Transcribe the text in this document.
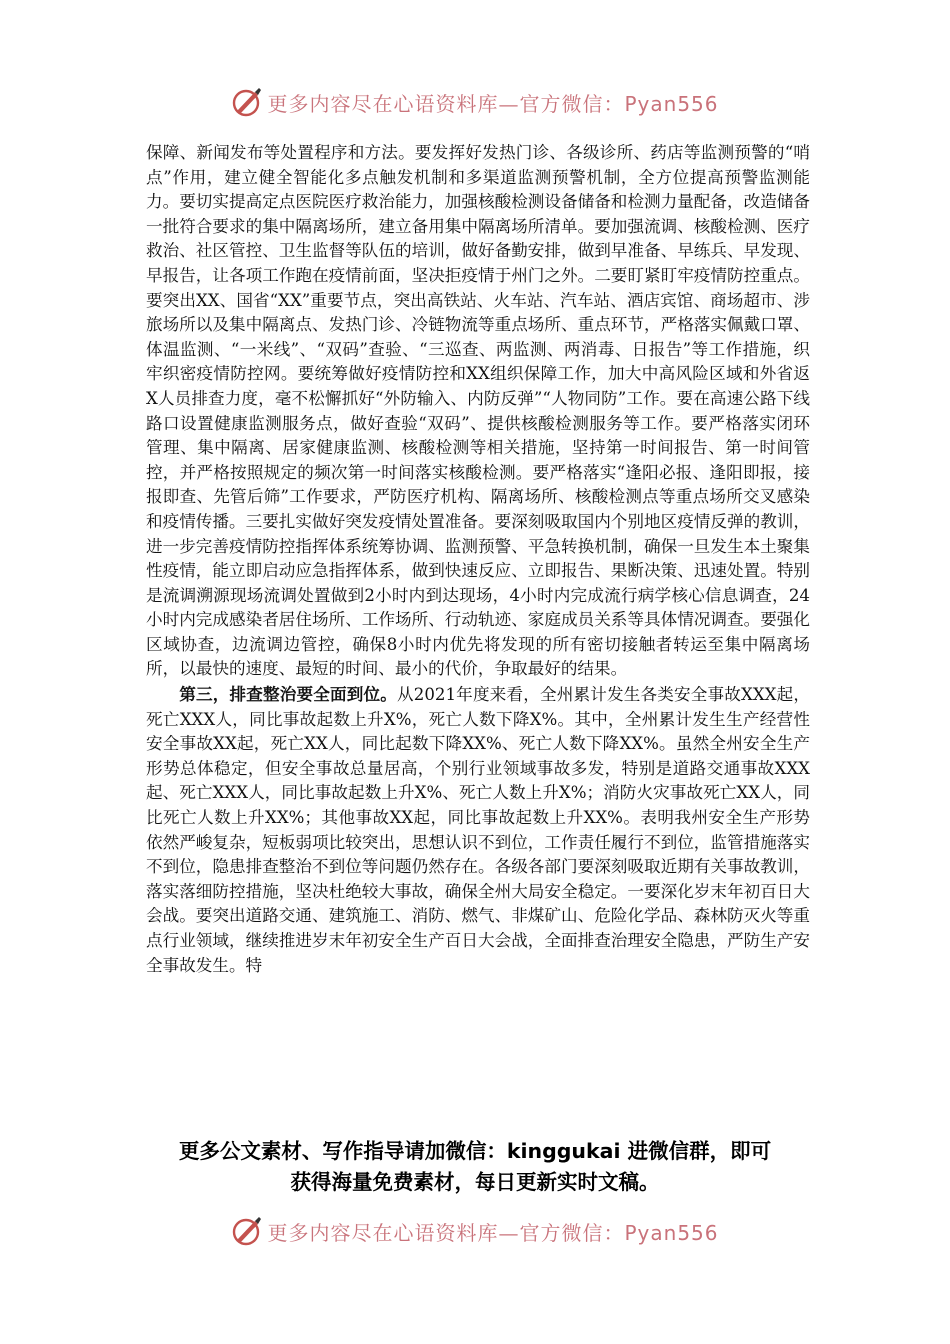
更多内容尽在心语资料库—官方微信：Pyan556

保障、新闻发布等处置程序和方法。要发挥好发热门诊、各级诊所、药店等监测预警的“哨点”作用，建立健全智能化多点触发机制和多渠道监测预警机制，全方位提高预警监测能力。要切实提高定点医院医疗救治能力，加强核酸检测设备储备和检测力量配备，改造储备一批符合要求的集中隔离场所，建立备用集中隔离场所清单。要加强流调、核酸检测、医疗救治、社区管控、卫生监督等队伍的培训，做好备勤安排，做到早准备、早练兵、早发现、早报告，让各项工作跑在疫情前面，坚决拒疫情于州门之外。二要盯紧盯牢疫情防控重点。要突出XX、国省“XX”重要节点，突出高铁站、火车站、汽车站、酒店宾馆、商场超市、涉旅场所以及集中隔离点、发热门诊、冷链物流等重点场所、重点环节，严格落实佩戴口罩、体温监测、“一米线”、“双码”查验、“三巡查、两监测、两消毒、日报告”等工作措施，织牢织密疫情防控网。要统筹做好疫情防控和XX组织保障工作，加大中高风险区域和外省返X人员排查力度，毫不松懈抓好“外防输入、内防反弹”“人物同防”工作。要在高速公路下线路口设置健康监测服务点，做好查验“双码”、提供核酸检测服务等工作。要严格落实闭环管理、集中隔离、居家健康监测、核酸检测等相关措施，坚持第一时间报告、第一时间管控，并严格按照规定的频次第一时间落实核酸检测。要严格落实“逢阳必报、逢阳即报，接报即查、先管后筛”工作要求，严防医疗机构、隔离场所、核酸检测点等重点场所交叉感染和疫情传播。三要扎实做好突发疫情处置准备。要深刻吸取国内个别地区疫情反弹的教训，进一步完善疫情防控指挥体系统筹协调、监测预警、平急转换机制，确保一旦发生本土聚集性疫情，能立即启动应急指挥体系，做到快速反应、立即报告、果断决策、迅速处置。特别是流调溯源现场流调处置做到2小时内到达现场，4小时内完成流行病学核心信息调查，24小时内完成感染者居住场所、工作场所、行动轨迹、家庭成员关系等具体情况调查。要强化区域协查，边流调边管控，确保8小时内优先将发现的所有密切接触者转运至集中隔离场所，以最快的速度、最短的时间、最小的代价，争取最好的结果。

第三，排查整治要全面到位。从2021年度来看，全州累计发生各类安全事故XXX起，死亡XXX人，同比事故起数上升X%，死亡人数下降X%。其中，全州累计发生生产经营性安全事故XX起，死亡XX人，同比起数下降XX%、死亡人数下降XX%。虽然全州安全生产形势总体稳定，但安全事故总量居高，个别行业领域事故多发，特别是道路交通事故XXX起、死亡XXX人，同比事故起数上升X%、死亡人数上升X%；消防火灾事故死亡XX人，同比死亡人数上升XX%；其他事故XX起，同比事故起数上升XX%。表明我州安全生产形势依然严峻复杂，短板弱项比较突出，思想认识不到位，工作责任履行不到位，监管措施落实不到位，隐患排查整治不到位等问题仍然存在。各级各部门要深刻吸取近期有关事故教训，落实落细防控措施，坚决杜绝较大事故，确保全州大局安全稳定。一要深化岁末年初百日大会战。要突出道路交通、建筑施工、消防、燃气、非煤矿山、危险化学品、森林防灭火等重点行业领域，继续推进岁末年初安全生产百日大会战，全面排查治理安全隐患，严防生产安全事故发生。特

更多公文素材、写作指导请加微信：kinggukai 进微信群，即可
获得海量免费素材，每日更新实时文稿。
更多内容尽在心语资料库—官方微信：Pyan556
